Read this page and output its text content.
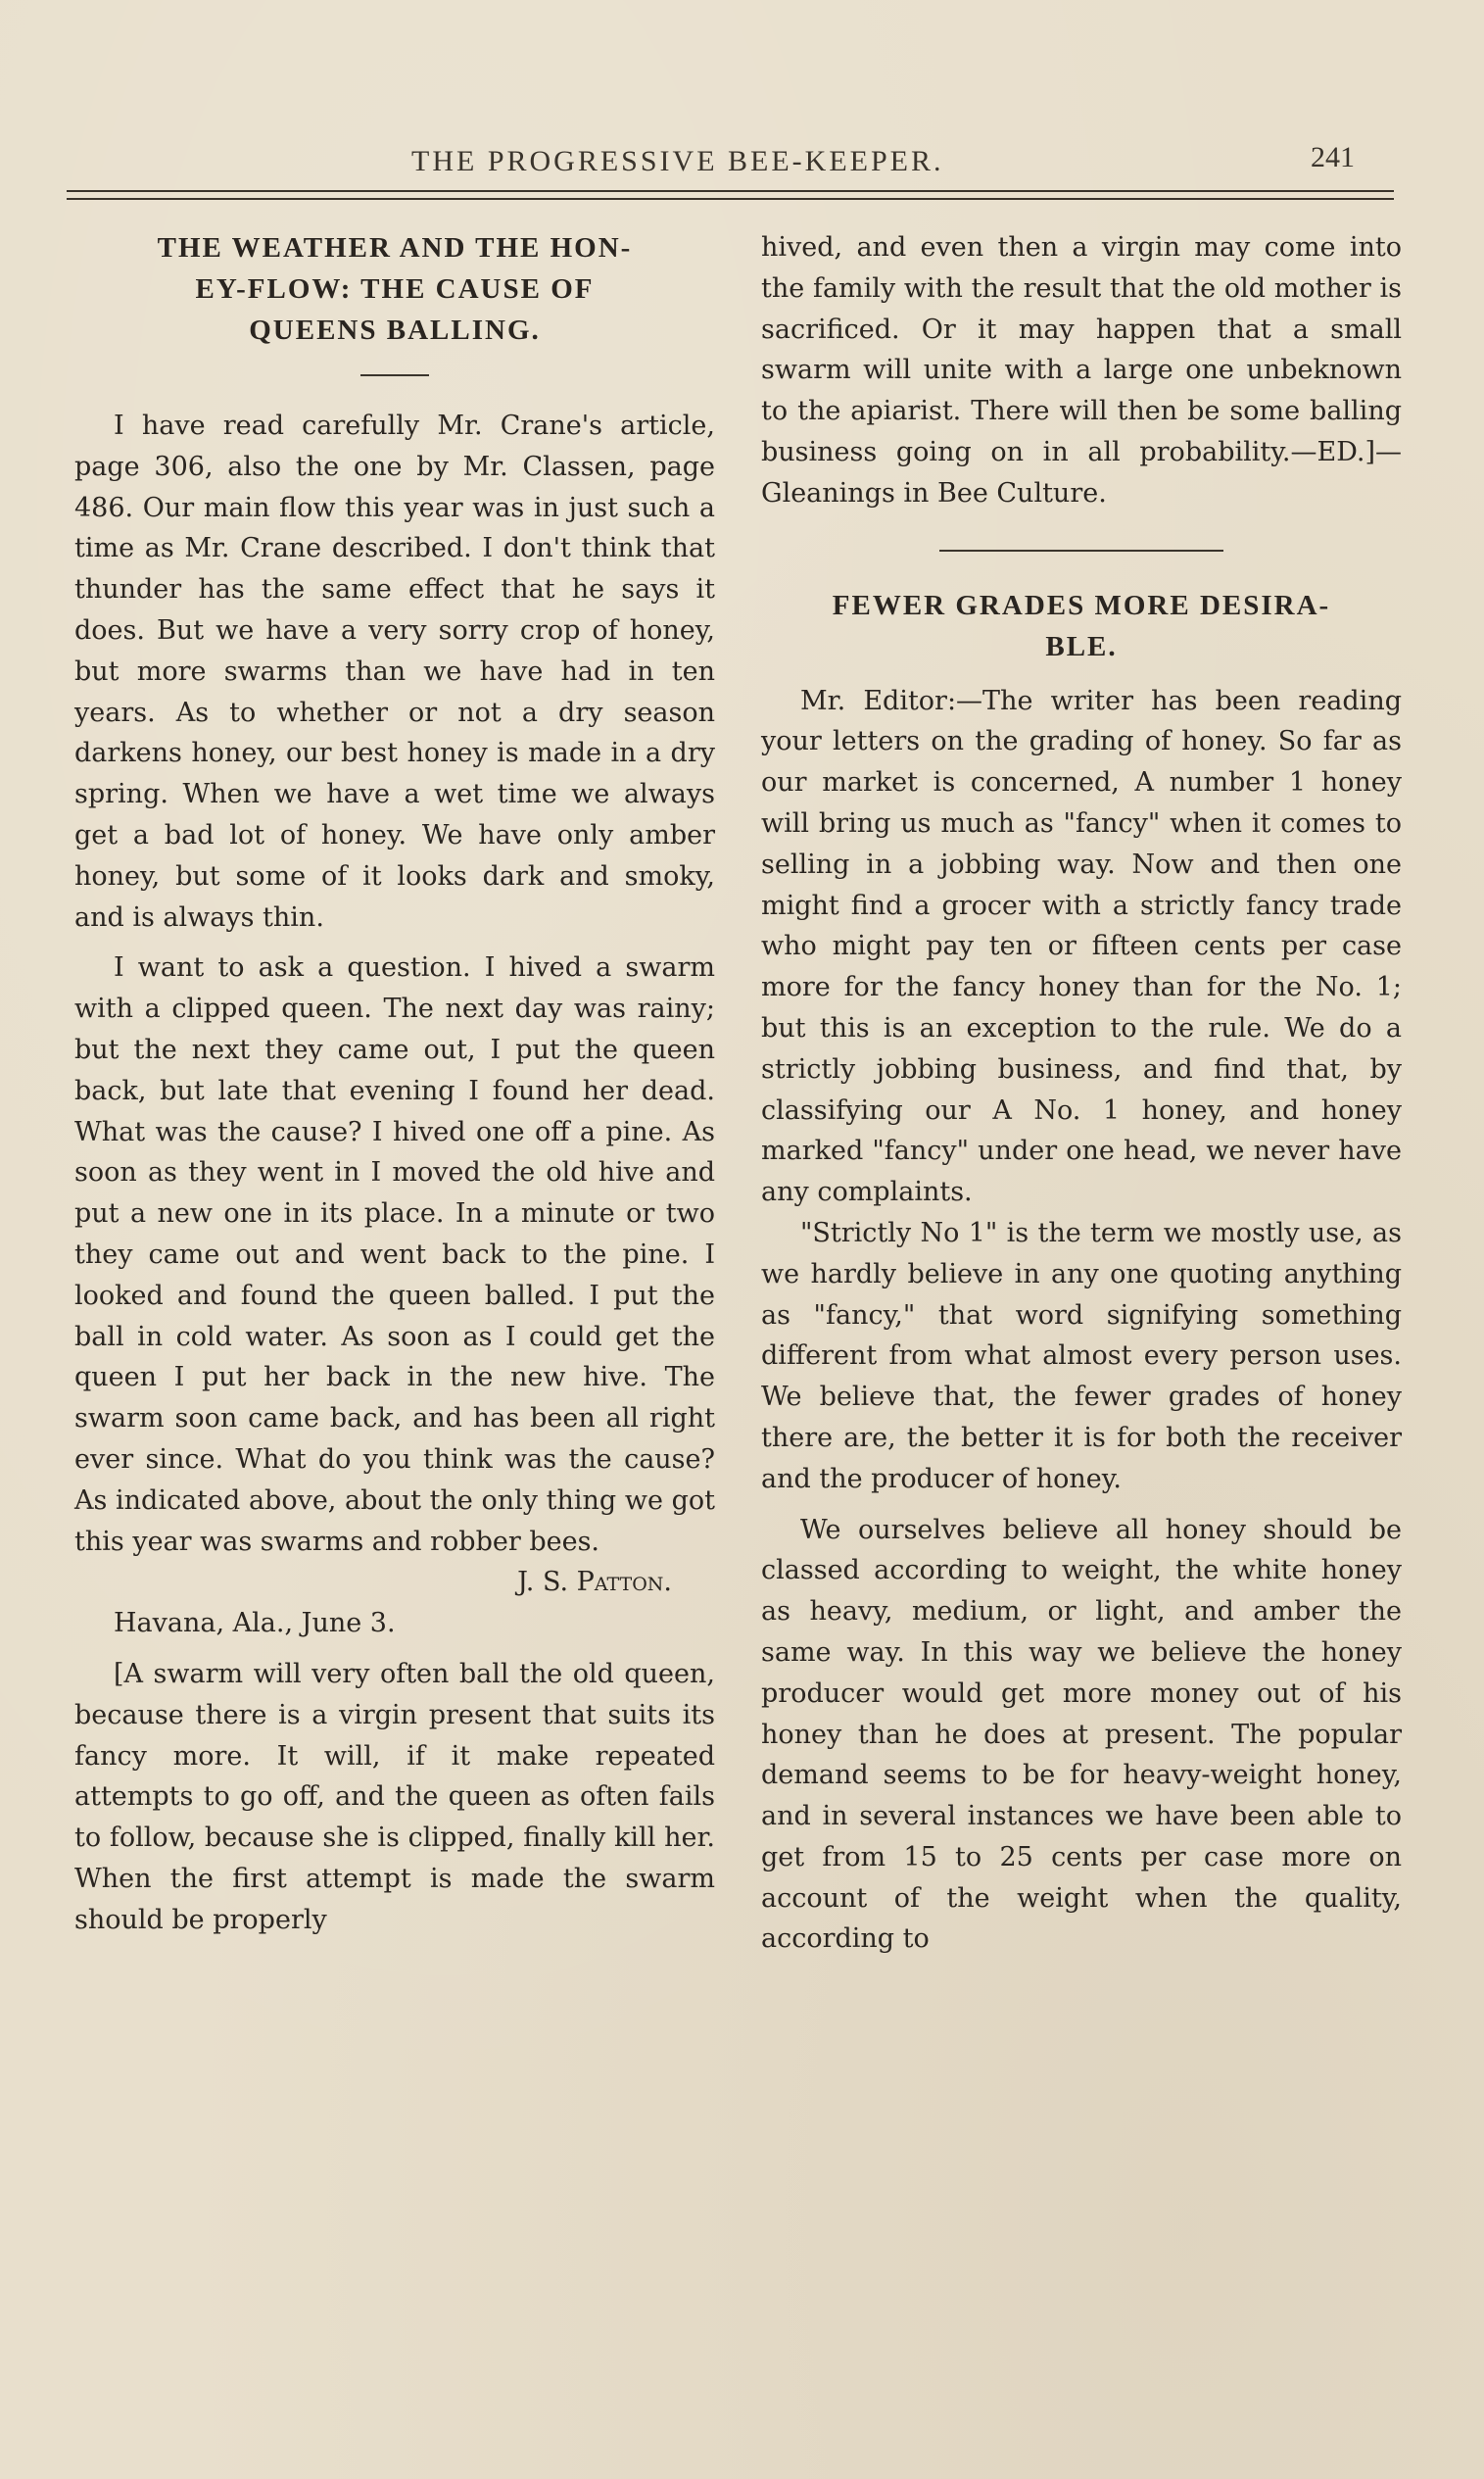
THE PROGRESSIVE BEE-KEEPER.	241
THE WEATHER AND THE HON-
EY-FLOW: THE CAUSE OF
QUEENS BALLING.

I have read carefully Mr. Crane's article, page 306, also the one by Mr. Classen, page 486. Our main flow this year was in just such a time as Mr. Crane described. I don't think that thunder has the same effect that he says it does. But we have a very sorry crop of honey, but more swarms than we have had in ten years. As to whether or not a dry season darkens honey, our best honey is made in a dry spring. When we have a wet time we always get a bad lot of honey. We have only amber honey, but some of it looks dark and smoky, and is always thin.

I want to ask a question. I hived a swarm with a clipped queen. The next day was rainy; but the next they came out, I put the queen back, but late that evening I found her dead. What was the cause? I hived one off a pine. As soon as they went in I moved the old hive and put a new one in its place. In a minute or two they came out and went back to the pine. I looked and found the queen balled. I put the ball in cold water. As soon as I could get the queen I put her back in the new hive. The swarm soon came back, and has been all right ever since. What do you think was the cause? As indicated above, about the only thing we got this year was swarms and robber bees.

J. S. Patton.

Havana, Ala., June 3.

[A swarm will very often ball the old queen, because there is a virgin present that suits its fancy more. It will, if it make repeated attempts to go off, and the queen as often fails to follow, because she is clipped, finally kill her. When the first attempt is made the swarm should be properly

hived, and even then a virgin may come into the family with the result that the old mother is sacrificed. Or it may happen that a small swarm will unite with a large one unbeknown to the apiarist. There will then be some balling business going on in all probability.—ED.]—Gleanings in Bee Culture.

FEWER GRADES MORE DESIRA-
BLE.

Mr. Editor:—The writer has been reading your letters on the grading of honey. So far as our market is concerned, A number 1 honey will bring us much as "fancy" when it comes to selling in a jobbing way. Now and then one might find a grocer with a strictly fancy trade who might pay ten or fifteen cents per case more for the fancy honey than for the No. 1; but this is an exception to the rule. We do a strictly jobbing business, and find that, by classifying our A No. 1 honey, and honey marked "fancy" under one head, we never have any complaints.

"Strictly No 1" is the term we mostly use, as we hardly believe in any one quoting anything as "fancy," that word signifying something different from what almost every person uses. We believe that, the fewer grades of honey there are, the better it is for both the receiver and the producer of honey.

We ourselves believe all honey should be classed according to weight, the white honey as heavy, medium, or light, and amber the same way. In this way we believe the honey producer would get more money out of his honey than he does at present. The popular demand seems to be for heavy-weight honey, and in several instances we have been able to get from 15 to 25 cents per case more on account of the weight when the quality, according to
